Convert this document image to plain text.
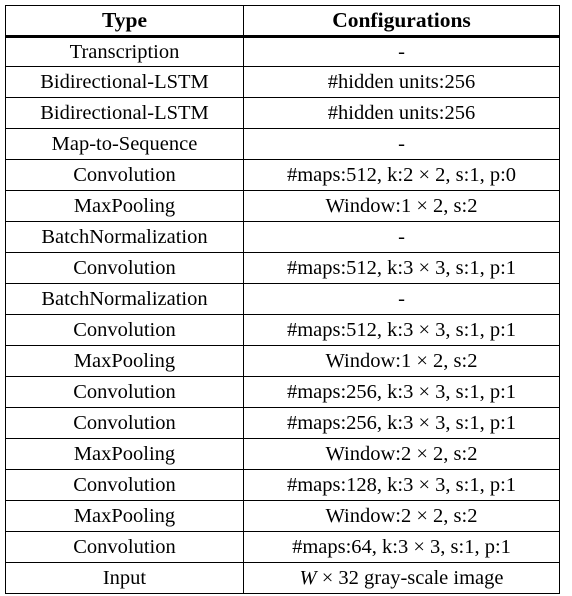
Type	Configurations
Transcription	-
Bidirectional-LSTM	#hidden units:256
Bidirectional-LSTM	#hidden units:256
Map-to-Sequence	-
Convolution	#maps:512, k:2 × 2, s:1, p:0
MaxPooling	Window:1 × 2, s:2
BatchNormalization	-
Convolution	#maps:512, k:3 × 3, s:1, p:1
BatchNormalization	-
Convolution	#maps:512, k:3 × 3, s:1, p:1
MaxPooling	Window:1 × 2, s:2
Convolution	#maps:256, k:3 × 3, s:1, p:1
Convolution	#maps:256, k:3 × 3, s:1, p:1
MaxPooling	Window:2 × 2, s:2
Convolution	#maps:128, k:3 × 3, s:1, p:1
MaxPooling	Window:2 × 2, s:2
Convolution	#maps:64, k:3 × 3, s:1, p:1
Input	W × 32 gray-scale image
